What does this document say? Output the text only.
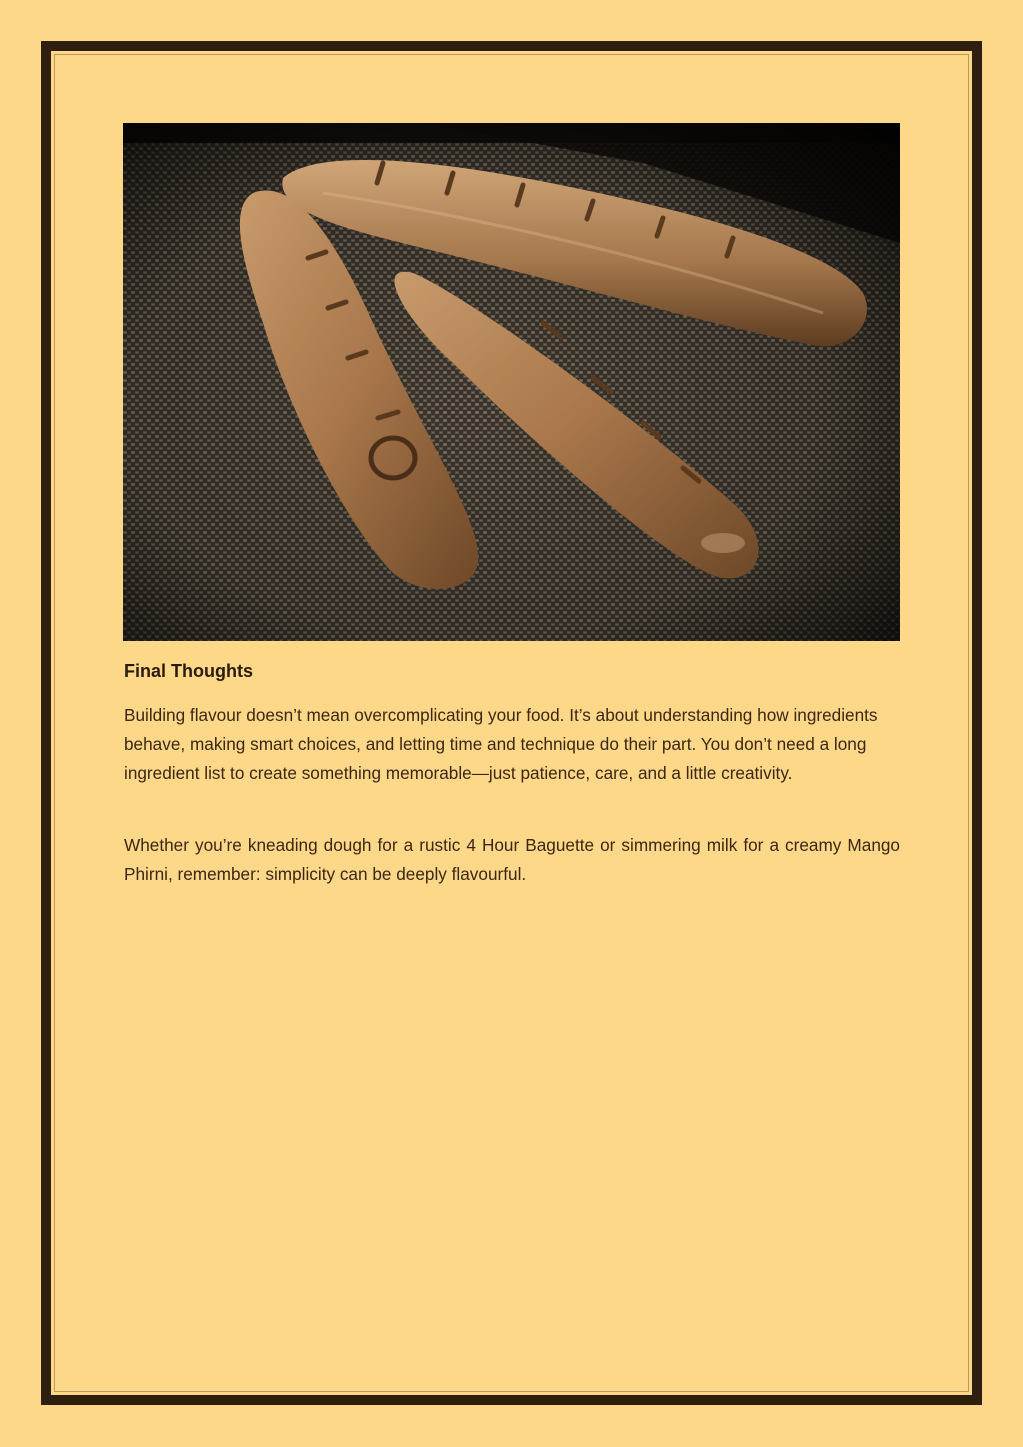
Final Thoughts

Building flavour doesn’t mean overcomplicating your food. It’s about understanding how ingredients behave, making smart choices, and letting time and technique do their part. You don’t need a long ingredient list to create something memorable—just patience, care, and a little creativity.

Whether you’re kneading dough for a rustic 4 Hour Baguette or simmering milk for a creamy Mango Phirni, remember: simplicity can be deeply flavourful.
